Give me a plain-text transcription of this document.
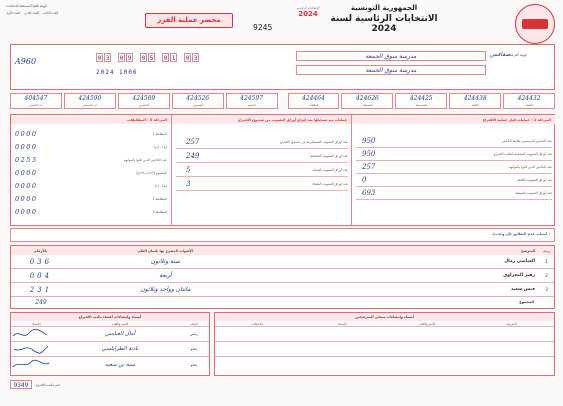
الهيئة العليا المستقلة للانتخابات
العدد الأول العدد الثاني العدد الثالث
محضر عملية الفرز
9245
الجمهورية التونسية
الانتخابات الرئاسية لسنة 2024
الانتخابات الرئاسية
2024
A960	0 3 0 9 0 5 0 1 0 3
2024 1006
مدرسة سوق الجمعة
مدرسة سوق الجمعة
الهيئة الفرعية
صفاقس
404547
عدد الناخبين
424590
عدد المسجلين
424589
الحاضرين
424526
المصوتين
424597
المتبقية
424464
البطاقات
424626
المستلمة
424425
المستعملة
424438
التالفة
424432
الملغاة
المرحلة 1 : عمليات قبل عملية الاقتراع
950	عدد الناخبين المرسمين بقائمة الناخبين
950	عدد أوراق التصويت المسلمة لمكتب الاقتراع
257	عدد الناخبين الذين أدلوا بأصواتهم
0	عدد أوراق التصويت التالفة
693	عدد أوراق التصويت المتبقية
عمليات يتم تسجيلها بعد إفراغ أوراق التصويت من صندوق الاقتراع
257	عدد أوراق التصويت المستخرجة من صندوق الاقتراع
249	عدد أوراق التصويت الصحيحة
5	عدد أوراق التصويت البيضاء
3	عدد أوراق التصويت الملغاة
المرحلة 3 : المطابقات
0000	المطابقة 1
0000	(ب) - (ج)
0253	عدد الناخبين الذين أدلوا بأصواتهم
0000	المجموع (أ)+(ب)+(ج)
0000	(د) - (هـ)
0000	المطابقة 2
0000	المطابقة 3
أسباب عدم التطابق (إن وجدت) :
بالأرقام	الأصوات المصرح بها بلسان القلم	المترشح	ر.ت
036	ستة وثلاثون	العياشي زمال	1
004	أربعة	زهير المغزاوي	2
231	مائتان وواحد وثلاثون	قيس سعيد	3
249	المجموع
أسماء وإمضاءات أعضاء مكتب الاقتراع
الإمضاء	الاسم واللقب	الصفة
أمال العباسي	رئيس
نادية الطرابلسي	عضو
منية بن سعيد	عضو
أسماء وإمضاءات ممثلي المترشحين
ملاحظات	الإمضاء	الاسم واللقب	المترشح
9349	ختم مكتب الاقتراع
